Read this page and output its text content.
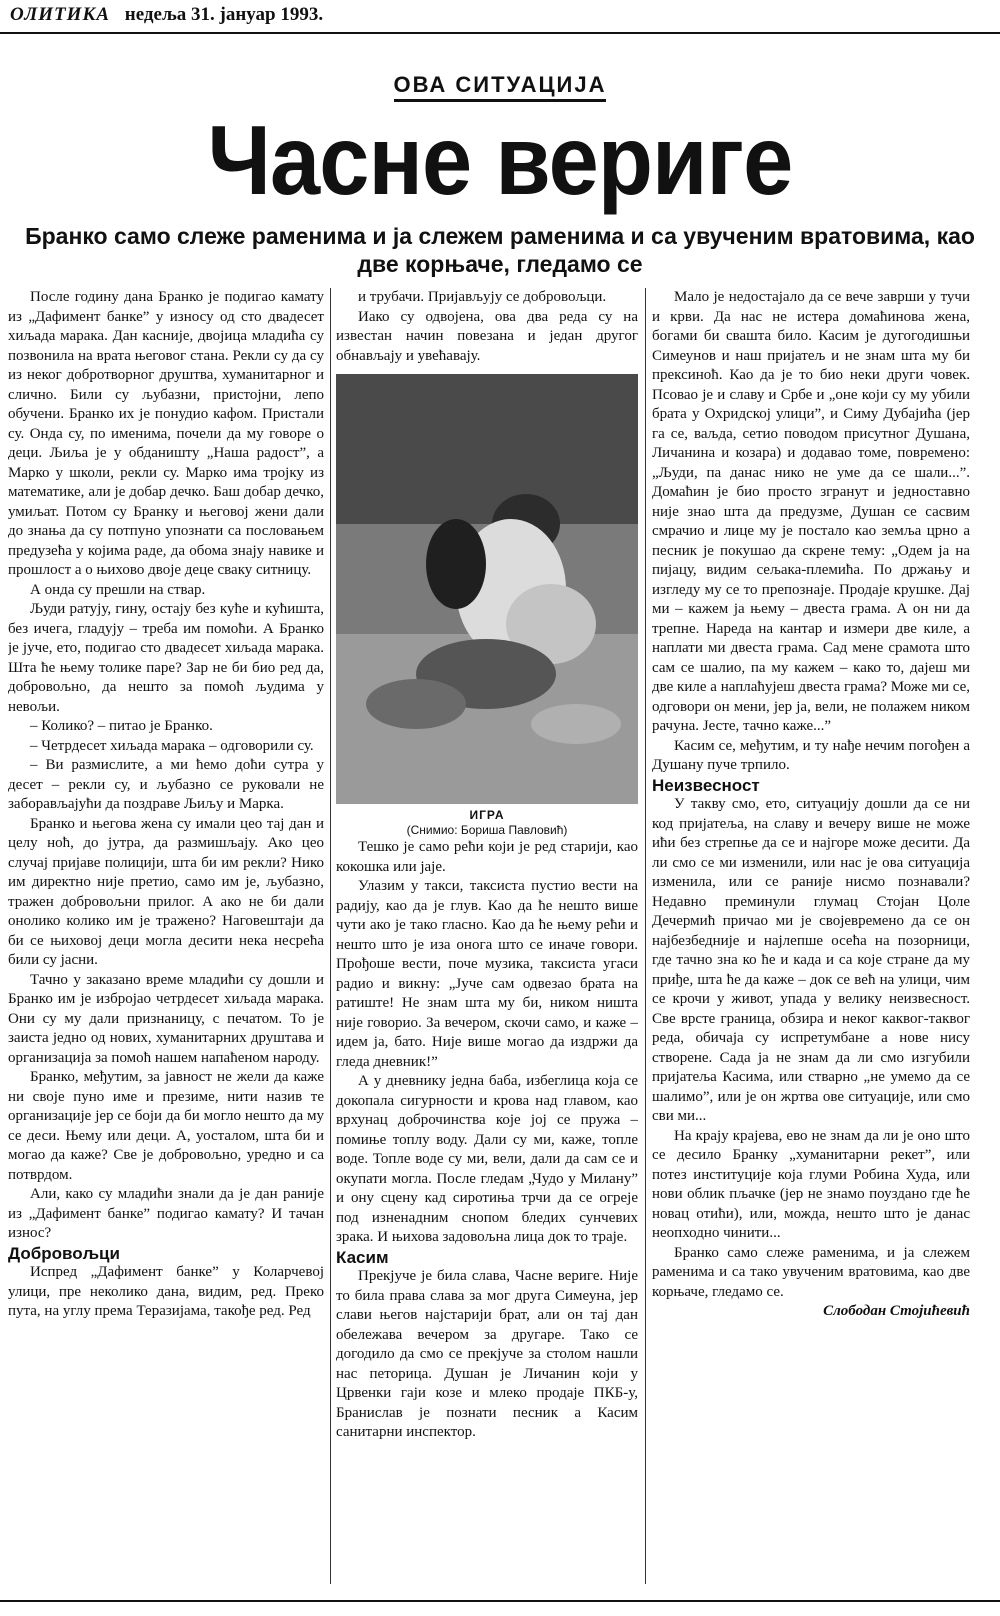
ОЛИТИКА недеља 31. јануар 1993.
ОВА СИТУАЦИЈА
Часне вериге
Бранко само слеже раменима и ја слежем раменима и са увученим вратовима, као две корњаче, гледамо се

После годину дана Бранко је подигао камату из „Дафимент банке” у износу од сто двадесет хиљада марака. Дан касније, двојица младића су позвонила на врата његовог стана. Рекли су да су из неког добротворног друштва, хуманитарног и слично. Били су љубазни, пристојни, лепо обучени. Бранко их је понудио кафом. Пристали су. Онда су, по именима, почели да му говоре о деци. Љиља је у обданишту „Наша радост”, а Марко у школи, рекли су. Марко има тројку из математике, али је добар дечко. Баш добар дечко, умиљат. Потом су Бранку и његовој жени дали до знања да су потпуно упознати са пословањем предузећа у којима раде, да обома знају навике и прошлост а о њихово двоје деце сваку ситницу.

А онда су прешли на ствар.

Људи ратују, гину, остају без куће и кућишта, без ичега, гладују – треба им помоћи. А Бранко је јуче, ето, подигао сто двадесет хиљада марака. Шта ће њему толике паре? Зар не би био ред да, добровољно, да нешто за помоћ људима у невољи.

– Колико? – питао је Бранко.

– Четрдесет хиљада марака – одговорили су.

– Ви размислите, а ми ћемо доћи сутра у десет – рекли су, и љубазно се руковали не заборављајући да поздраве Љиљу и Марка.

Бранко и његова жена су имали цео тај дан и целу ноћ, до јутра, да размишљају. Ако цео случај пријаве полицији, шта би им рекли? Нико им директно није претио, само им је, љубазно, тражен добровољни прилог. А ако не би дали онолико колико им је тражено? Наговештаји да би се њиховој деци могла десити нека несрећа били су јасни.

Тачно у заказано време младићи су дошли и Бранко им је избројао четрдесет хиљада марака. Они су му дали признаницу, с печатом. То је заиста једно од нових, хуманитарних друштава и организација за помоћ нашем напаћеном народу.

Бранко, међутим, за јавност не жели да каже ни своје пуно име и презиме, нити назив те организације јер се боји да би могло нешто да му се деси. Њему или деци. А, уосталом, шта би и могао да каже? Све је добровољно, уредно и са потврдом.

Али, како су младићи знали да је дан раније из „Дафимент банке” подигао камату? И тачан износ?

Добровољци

Испред „Дафимент банке” у Коларчевој улици, пре неколико дана, видим, ред. Преко пута, на углу према Теразијама, такође ред. Ред

и трубачи. Пријављују се добровољци.

Иако су одвојена, ова два реда су на известан начин повезана и један другог обнављају и увећавају.

ИГРА
(Снимио: Бориша Павловић)

Тешко је само рећи који је ред старији, као кокошка или јаје.

Улазим у такси, таксиста пустио вести на радију, као да је глув. Као да ће нешто више чути ако је тако гласно. Као да ће њему рећи и нешто што је иза онога што се иначе говори. Прођоше вести, поче музика, таксиста угаси радио и викну: „Јуче сам одвезао брата на ратиште! Не знам шта му би, ником ништа није говорио. За вечером, скочи само, и каже – идем ја, бато. Није више могао да издржи да гледа дневник!”

А у дневнику једна баба, избеглица која се докопала сигурности и крова над главом, као врхунац доброчинства које јој се пружа – помиње топлу воду. Дали су ми, каже, топле воде. Топле воде су ми, вели, дали да сам се и окупати могла. После гледам „Чудо у Милану” и ону сцену кад сиротиња трчи да се огреје под изненадним снопом бледих сунчевих зрака. И њихова задовољна лица док то траје.

Касим

Прекјуче је била слава, Часне вериге. Није то била права слава за мог друга Симеуна, јер слави његов најстарији брат, али он тај дан обележава вечером за другаре. Тако се догодило да смо се прекјуче за столом нашли нас петорица. Душан је Личанин који у Црвенки гаји козе и млеко продаје ПКБ-у, Бранислав је познати песник а Касим санитарни инспектор.

Мало је недостајало да се вече заврши у тучи и крви. Да нас не истера домаћинова жена, богами би свашта било. Касим је дугогодишњи Симеунов и наш пријатељ и не знам шта му би прексиноћ. Као да је то био неки други човек. Псовао је и славу и Србе и „оне који су му убили брата у Охридској улици”, и Симу Дубајића (јер га се, ваљда, сетио поводом присутног Душана, Личанина и козара) и додавао томе, повремено: „Људи, па данас нико не уме да се шали...”. Домаћин је био просто згранут и једноставно није знао шта да предузме, Душан се сасвим смрачио и лице му је постало као земља црно а песник је покушао да скрене тему: „Одем ја на пијацу, видим сељака-племића. По држању и изгледу му се то препознаје. Продаје крушке. Дај ми – кажем ја њему – двеста грама. А он ни да трепне. Нареда на кантар и измери две киле, а наплати ми двеста грама. Сад мене срамота што сам се шалио, па му кажем – како то, дајеш ми две киле а наплаћујеш двеста грама? Може ми се, одговори он мени, јер ја, вели, не полажем ником рачуна. Јесте, тачно каже...”

Касим се, међутим, и ту нађе нечим погођен а Душану пуче трпило.

Неизвесност

У такву смо, ето, ситуацију дошли да се ни код пријатеља, на славу и вечеру више не може ићи без стрепње да се и најгоре може десити. Да ли смо се ми изменили, или нас је ова ситуација изменила, или се раније нисмо познавали? Недавно преминули глумац Стојан Цоле Дечермић причао ми је својевремено да се он најбезбедније и најлепше осећа на позорници, где тачно зна ко ће и када и са које стране да му приђе, шта ће да каже – док се већ на улици, чим се крочи у живот, упада у велику неизвесност. Све врсте граница, обзира и неког каквог-таквог реда, обичаја су испретумбане а нове нису створене. Сада ја не знам да ли смо изгубили пријатеља Касима, или стварно „не умемо да се шалимо”, или је он жртва ове ситуације, или смо сви ми...

На крају крајева, ево не знам да ли је оно што се десило Бранку „хуманитарни рекет”, или потез институције која глуми Робина Худа, или нови облик пљачке (јер не знамо поуздано где ће новац отићи), или, можда, нешто што је данас неопходно чинити...

Бранко само слеже раменима, и ја слежем раменима и са тако увученим вратовима, као две корњаче, гледамо се.

Слободан Стојићевић
